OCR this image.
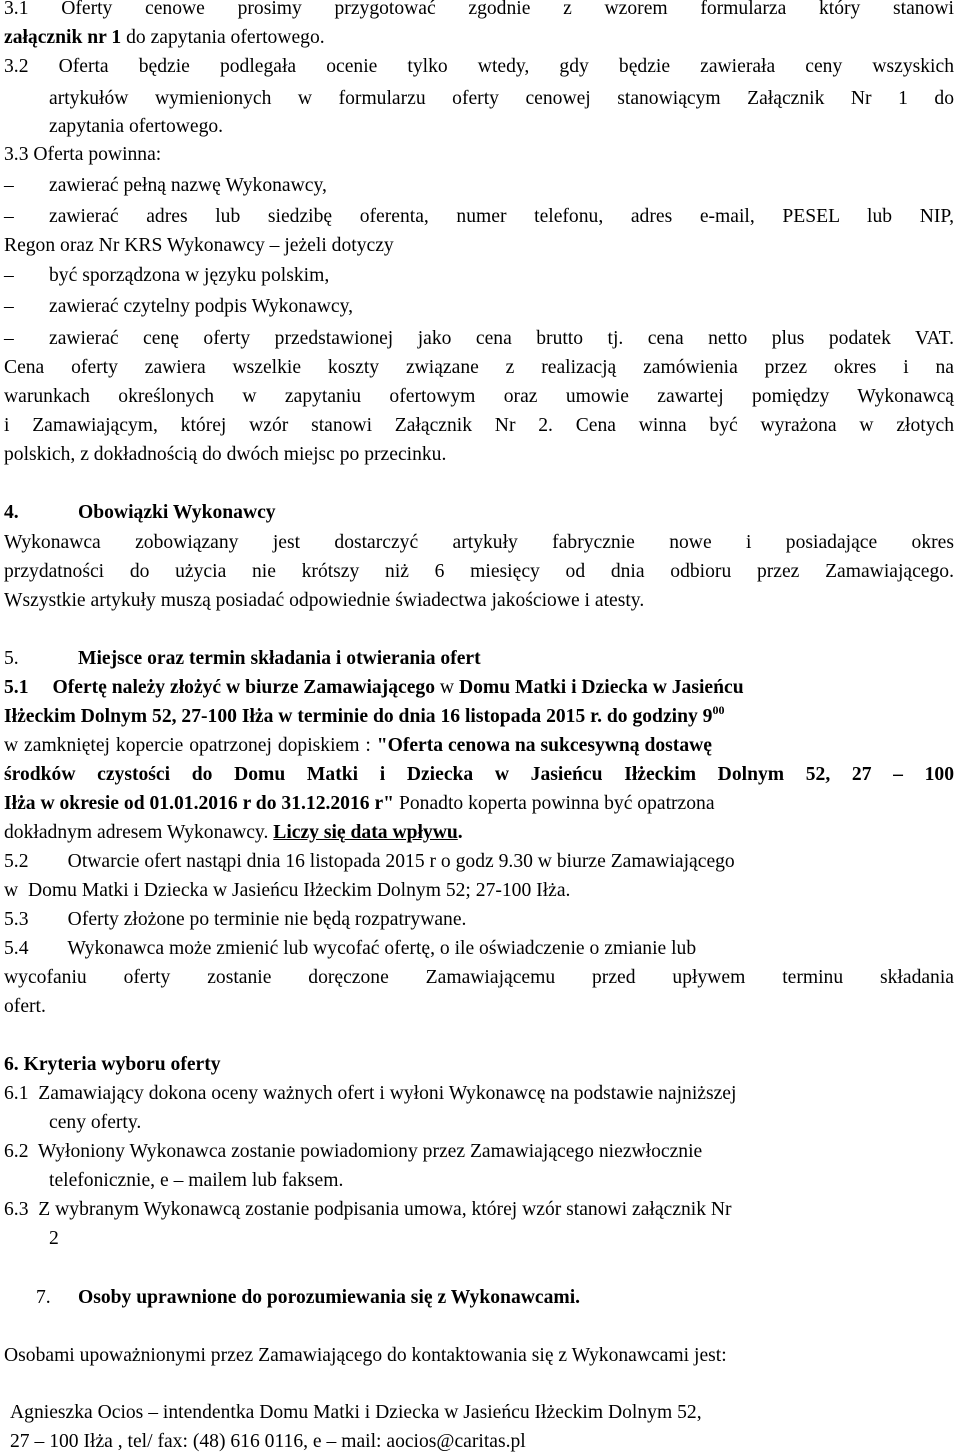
3.1 Oferty cenowe prosimy przygotować zgodnie z wzorem formularza który stanowi
załącznik nr 1 do zapytania ofertowego.
3.2 Oferta będzie podlegała ocenie tylko wtedy, gdy będzie zawierała ceny wszyskich
artykułów wymienionych w formularzu oferty cenowej stanowiącym Załącznik Nr 1 do
zapytania ofertowego.
3.3 Oferta powinna:
– zawierać pełną nazwę Wykonawcy,
– zawierać adres lub siedzibę oferenta, numer telefonu, adres e-mail, PESEL lub NIP,
Regon oraz Nr KRS Wykonawcy – jeżeli dotyczy
– być sporządzona w języku polskim,
– zawierać czytelny podpis Wykonawcy,
– zawierać cenę oferty przedstawionej jako cena brutto tj. cena netto plus podatek VAT.
Cena oferty zawiera wszelkie koszty związane z realizacją zamówienia przez okres i na
warunkach określonych w zapytaniu ofertowym oraz umowie zawartej pomiędzy Wykonawcą
i Zamawiającym, której wzór stanowi Załącznik Nr 2. Cena winna być wyrażona w złotych
polskich, z dokładnością do dwóch miejsc po przecinku.
4.	Obowiązki Wykonawcy
Wykonawca zobowiązany jest dostarczyć artykuły fabrycznie nowe i posiadające okres
przydatności do użycia nie krótszy niż 6 miesięcy od dnia odbioru przez Zamawiającego.
Wszystkie artykuły muszą posiadać odpowiednie świadectwa jakościowe i atesty.
5.	Miejsce oraz termin składania i otwierania ofert
5.1 Ofertę należy złożyć w biurze Zamawiającego w Domu Matki i Dziecka w Jasieńcu
Iłżeckim Dolnym 52, 27-100 Iłża w terminie do dnia 16 listopada 2015 r. do godziny $9^{00}$
w zamkniętej kopercie opatrzonej dopiskiem : "Oferta cenowa na sukcesywną dostawę
środków czystości do Domu Matki i Dziecka w Jasieńcu Iłżeckim Dolnym 52, 27 – 100
Iłża w okresie od 01.01.2016 r do 31.12.2016 r" Ponadto koperta powinna być opatrzona
dokładnym adresem Wykonawcy. Liczy się data wpływu.
5.2        Otwarcie ofert nastąpi dnia 16 listopada 2015 r o godz 9.30 w biurze Zamawiającego
w  Domu Matki i Dziecka w Jasieńcu Iłżeckim Dolnym 52; 27-100 Iłża.
5.3        Oferty złożone po terminie nie będą rozpatrywane.
5.4        Wykonawca może zmienić lub wycofać ofertę, o ile oświadczenie o zmianie lub
wycofaniu oferty zostanie doręczone Zamawiającemu przed upływem terminu składania
ofert.
6. Kryteria wyboru oferty
6.1  Zamawiający dokona oceny ważnych ofert i wyłoni Wykonawcę na podstawie najniższej
ceny oferty.
6.2  Wyłoniony Wykonawca zostanie powiadomiony przez Zamawiającego niezwłocznie
telefonicznie, e – mailem lub faksem.
6.3  Z wybranym Wykonawcą zostanie podpisania umowa, której wzór stanowi załącznik Nr
2
7. Osoby uprawnione do porozumiewania się z Wykonawcami.
Osobami upoważnionymi przez Zamawiającego do kontaktowania się z Wykonawcami jest:
Agnieszka Ocios – intendentka Domu Matki i Dziecka w Jasieńcu Iłżeckim Dolnym 52,
27 – 100 Iłża , tel/ fax: (48) 616 0116, e – mail: aocios@caritas.pl
